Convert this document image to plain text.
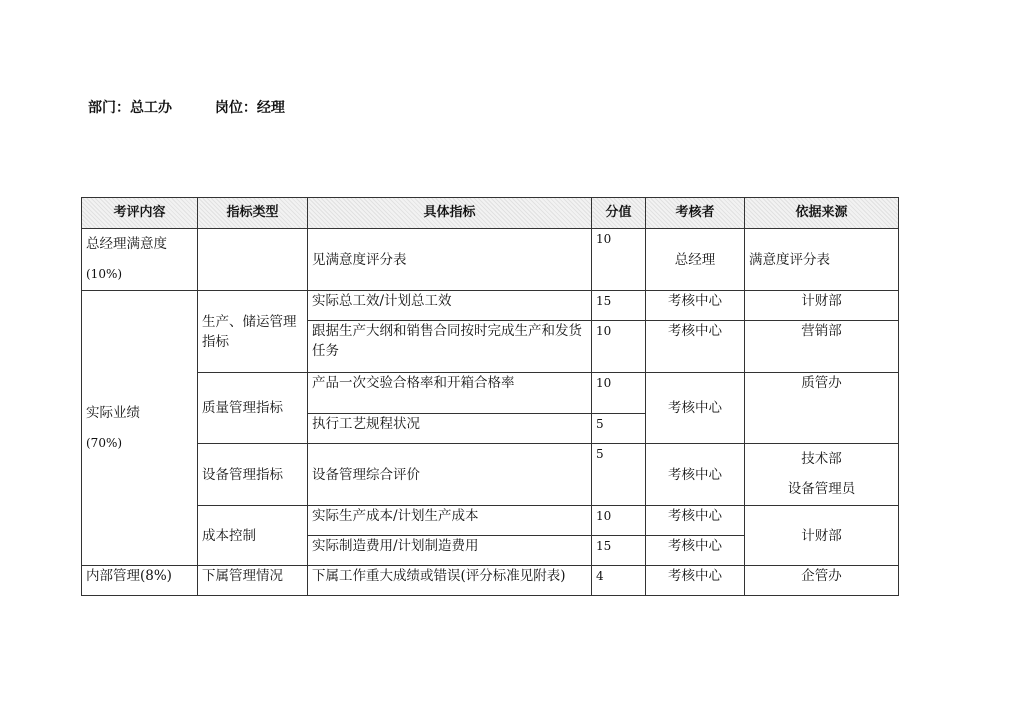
部门：总工办	岗位：经理
考评内容	指标类型	具体指标	分值	考核者	依据来源

总经理满意度
(10%)		见满意度评分表	10	总经理	满意度评分表

实际业绩
(70%)	生产、储运管理指标	实际总工效/计划总工效	15	考核中心	计财部
		跟据生产大纲和销售合同按时完成生产和发货任务	10	考核中心	营销部
	质量管理指标	产品一次交验合格率和开箱合格率	10	考核中心	质管办
		执行工艺规程状况	5		
	设备管理指标	设备管理综合评价	5	考核中心	技术部
设备管理员

	成本控制	实际生产成本/计划生产成本	10	考核中心	计财部
		实际制造费用/计划制造费用	15	考核中心	
内部管理(8%)	下属管理情况	下属工作重大成绩或错误(评分标准见附表)	4	考核中心	企管办
